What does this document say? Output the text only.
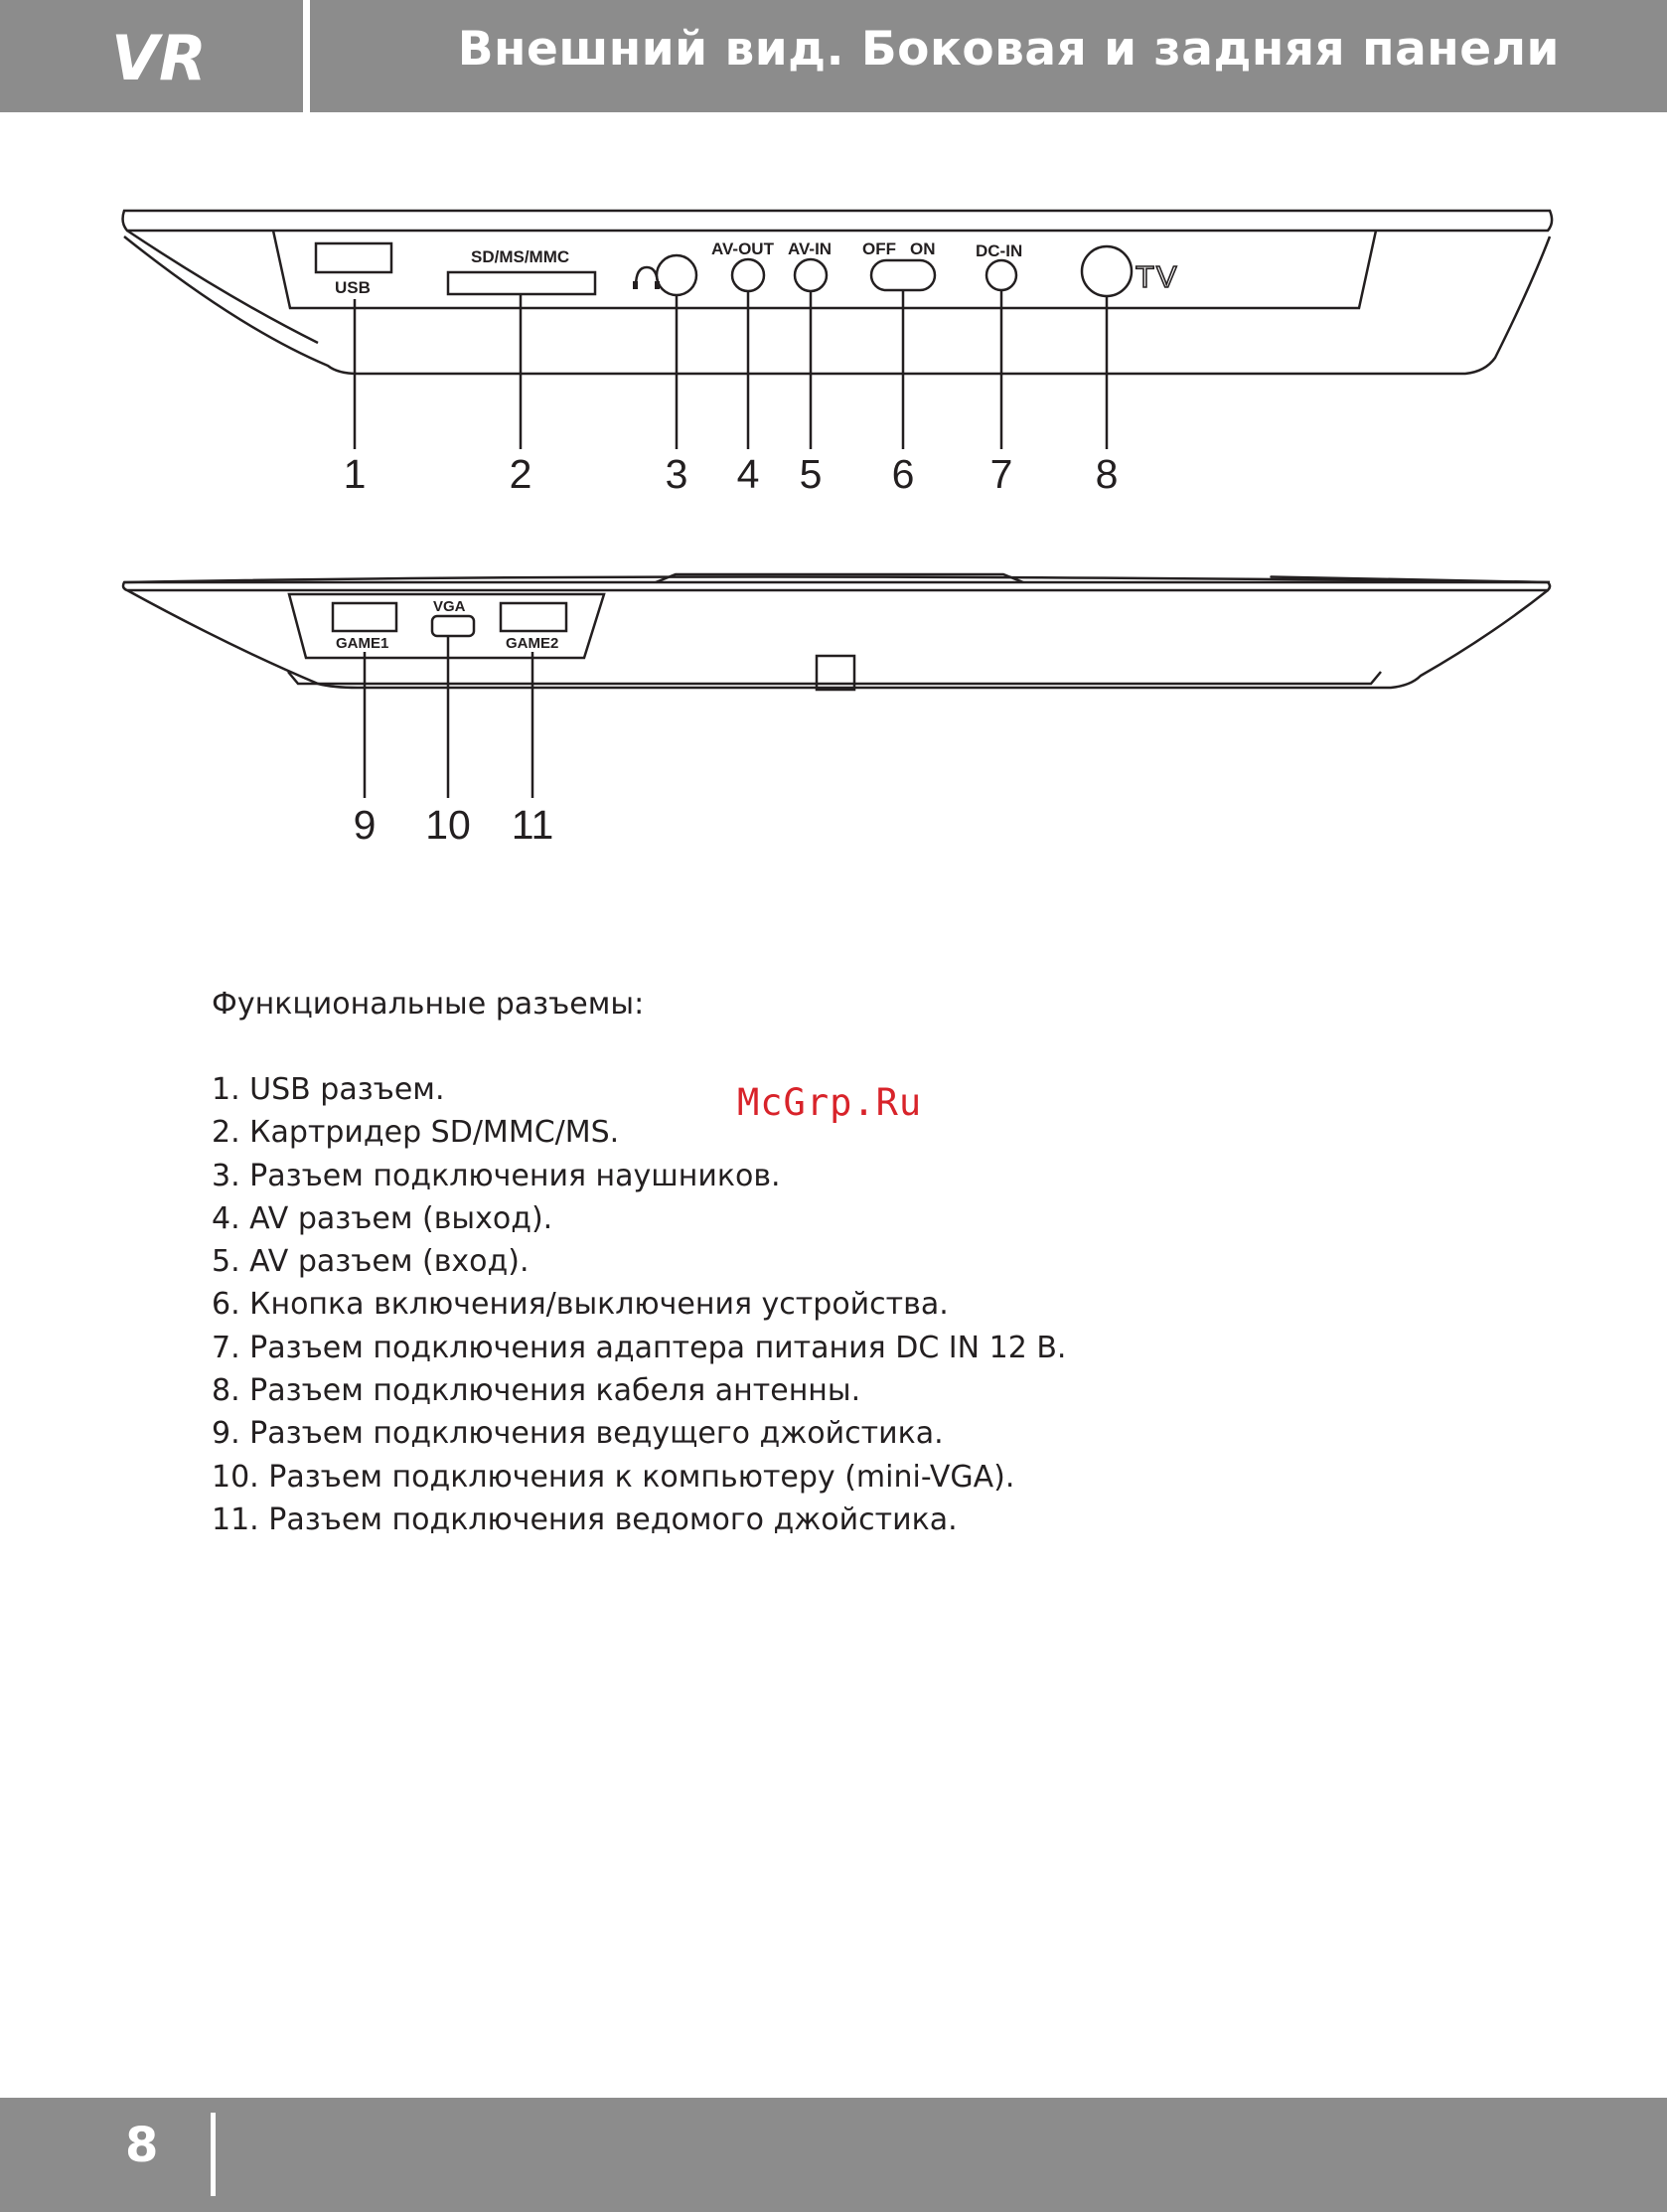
VR	Внешний вид. Боковая и задняя панели
USB
SD/MS/MMC	AV-OUT AV-IN OFF ON DC-IN
TV
1	2	3 4 5 6 7 8
GAME1
VGA
GAME2
9 10 11
McGrp.Ru
Функциональные разъемы:
1. USB разъем.
2. Картридер SD/MMC/MS.
3. Разъем подключения наушников.
4. AV разъем (выход).
5. AV разъем (вход).
6. Кнопка включения/выключения устройства.
7. Разъем подключения адаптера питания DC IN 12 В.
8. Разъем подключения кабеля антенны.
9. Разъем подключения ведущего джойстика.
10. Разъем подключения к компьютеру (mini-VGA).
11. Разъем подключения ведомого джойстика.
8
